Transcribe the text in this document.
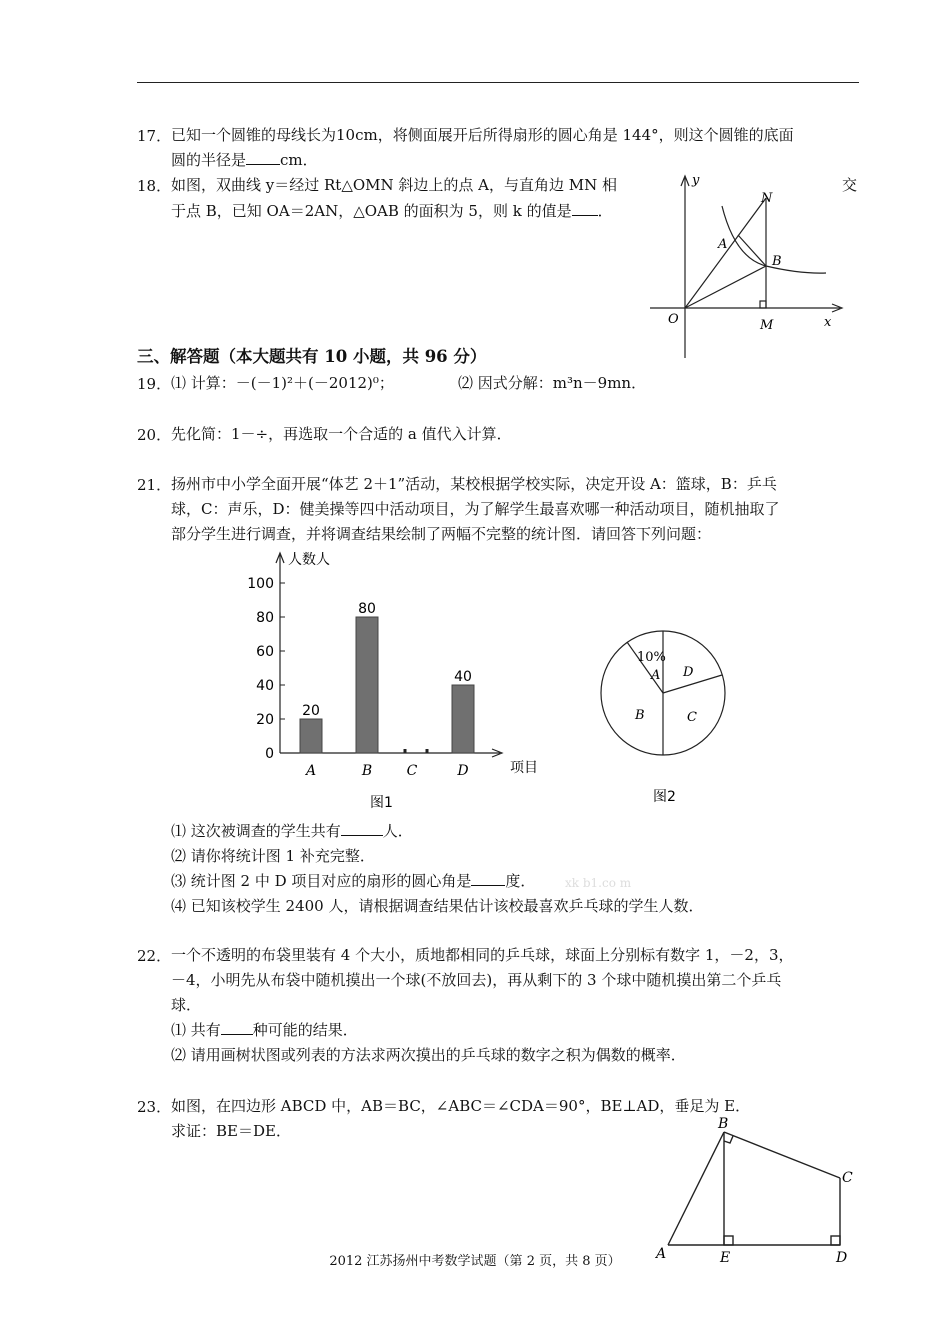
17． 已知一个圆锥的母线长为10cm，将侧面展开后所得扇形的圆心角是 144°，则这个圆锥的底面
圆的半径是 cm．
18． 如图，双曲线 y＝经过 Rt△OMN 斜边上的点 A，与直角边 MN 相	交
于点 B，已知 OA＝2AN，△OAB 的面积为 5，则 k 的值是 ．
y
x
O	M
N
A
B
三、解答题（本大题共有 10 小题，共 96 分）
19． ⑴ 计算：－(－1)²＋(－2012)⁰；	⑵ 因式分解：m³n－9mn．
20． 先化简：1－÷，再选取一个合适的 a 值代入计算．
21． 扬州市中小学全面开展“体艺 2＋1”活动，某校根据学校实际，决定开设 A：篮球，B：乒乓
球，C：声乐，D：健美操等四中活动项目，为了解学生最喜欢哪一种活动项目，随机抽取了
部分学生进行调查，并将调查结果绘制了两幅不完整的统计图．请回答下列问题：
0
20
40
60
80
100
20
A
80
B C
40
D
人数人
项目
图1
10%
A
B	C
D
图2
⑴ 这次被调查的学生共有	人．
⑵ 请你将统计图 1 补充完整．
⑶ 统计图 2 中 D 项目对应的扇形的圆心角是 度． xk b1.co m
⑷ 已知该校学生 2400 人，请根据调查结果估计该校最喜欢乒乓球的学生人数．
22． 一个不透明的布袋里装有 4 个大小，质地都相同的乒乓球，球面上分别标有数字 1，－2，3，
－4，小明先从布袋中随机摸出一个球(不放回去)，再从剩下的 3 个球中随机摸出第二个乒乓
球．
⑴ 共有 种可能的结果．
⑵ 请用画树状图或列表的方法求两次摸出的乒乓球的数字之积为偶数的概率．
23． 如图，在四边形 ABCD 中，AB＝BC，∠ABC＝∠CDA＝90°，BE⊥AD，垂足为 E．
求证：BE＝DE．	B
C
A	E	D
2012 江苏扬州中考数学试题（第 2 页，共 8 页）
